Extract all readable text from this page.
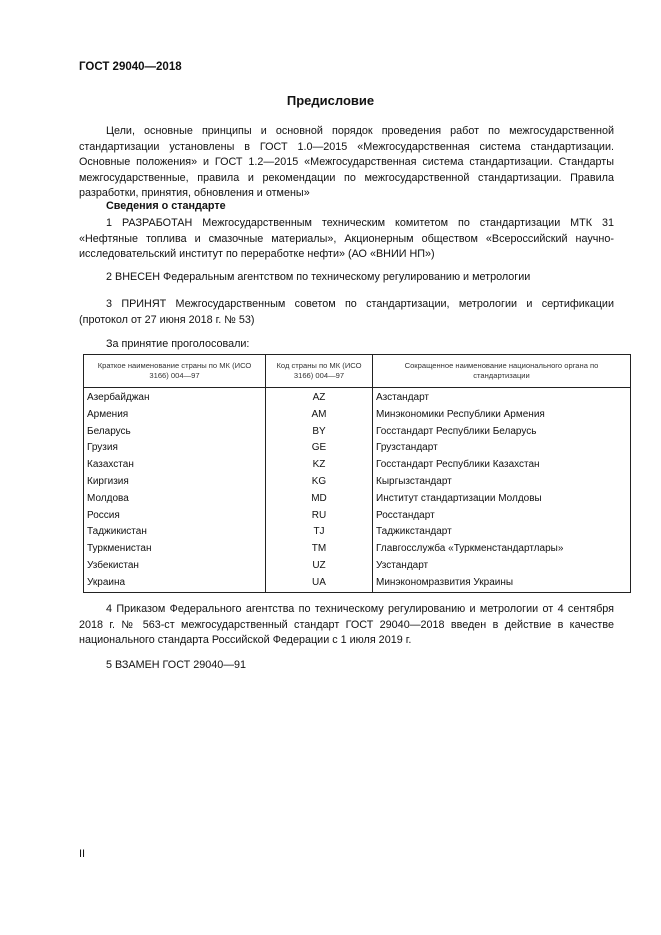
ГОСТ 29040—2018
Предисловие
Цели, основные принципы и основной порядок проведения работ по межгосударственной стандартизации установлены в ГОСТ 1.0—2015 «Межгосударственная система стандартизации. Основные положения» и ГОСТ 1.2—2015 «Межгосударственная система стандартизации. Стандарты межгосударственные, правила и рекомендации по межгосударственной стандартизации. Правила разработки, принятия, обновления и отмены»
Сведения о стандарте
1 РАЗРАБОТАН Межгосударственным техническим комитетом по стандартизации МТК 31 «Нефтяные топлива и смазочные материалы», Акционерным обществом «Всероссийский научно-исследовательский институт по переработке нефти» (АО «ВНИИ НП»)
2 ВНЕСЕН Федеральным агентством по техническому регулированию и метрологии
3 ПРИНЯТ Межгосударственным советом по стандартизации, метрологии и сертификации (протокол от 27 июня 2018 г. № 53)
За принятие проголосовали:
Краткое наименование страны по МК (ИСО 3166) 004—97	Код страны по МК (ИСО 3166) 004—97	Сокращенное наименование национального органа по стандартизации
Азербайджан	AZ	Азстандарт
Армения	AM	Минэкономики Республики Армения
Беларусь	BY	Госстандарт Республики Беларусь
Грузия	GE	Грузстандарт
Казахстан	KZ	Госстандарт Республики Казахстан
Киргизия	KG	Кыргызстандарт
Молдова	MD	Институт стандартизации Молдовы
Россия	RU	Росстандарт
Таджикистан	TJ	Таджикстандарт
Туркменистан	TM	Главгосслужба «Туркменстандартлары»
Узбекистан	UZ	Узстандарт
Украина	UA	Минэкономразвития Украины
4 Приказом Федерального агентства по техническому регулированию и метрологии от 4 сентября 2018 г. № 563-ст межгосударственный стандарт ГОСТ 29040—2018 введен в действие в качестве национального стандарта Российской Федерации с 1 июля 2019 г.
5 ВЗАМЕН ГОСТ 29040—91
II
